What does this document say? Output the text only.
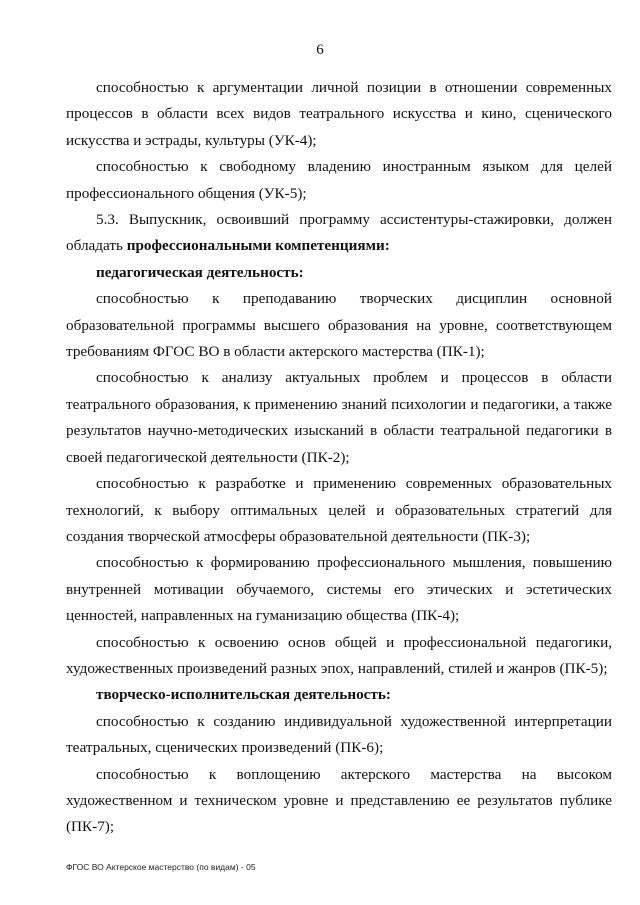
6

способностью к аргументации личной позиции в отношении современных процессов в области всех видов театрального искусства и кино, сценического искусства и эстрады, культуры (УК-4);

способностью к свободному владению иностранным языком для целей профессионального общения (УК-5);

5.3. Выпускник, освоивший программу ассистентуры-стажировки, должен обладать профессиональными компетенциями:

педагогическая деятельность:

способностью к преподаванию творческих дисциплин основной образовательной программы высшего образования на уровне, соответствующем требованиям ФГОС ВО в области актерского мастерства (ПК-1);

способностью к анализу актуальных проблем и процессов в области театрального образования, к применению знаний психологии и педагогики, а также результатов научно-методических изысканий в области театральной педагогики в своей педагогической деятельности (ПК-2);

способностью к разработке и применению современных образовательных технологий, к выбору оптимальных целей и образовательных стратегий для создания творческой атмосферы образовательной деятельности (ПК-3);

способностью к формированию профессионального мышления, повышению внутренней мотивации обучаемого, системы его этических и эстетических ценностей, направленных на гуманизацию общества (ПК-4);

способностью к освоению основ общей и профессиональной педагогики, художественных произведений разных эпох, направлений, стилей и жанров (ПК-5);

творческо-исполнительская деятельность:

способностью к созданию индивидуальной художественной интерпретации театральных, сценических произведений (ПК-6);

способностью к воплощению актерского мастерства на высоком художественном и техническом уровне и представлению ее результатов публике (ПК-7);

ФГОС ВО Актерское мастерство (по видам) - 05
